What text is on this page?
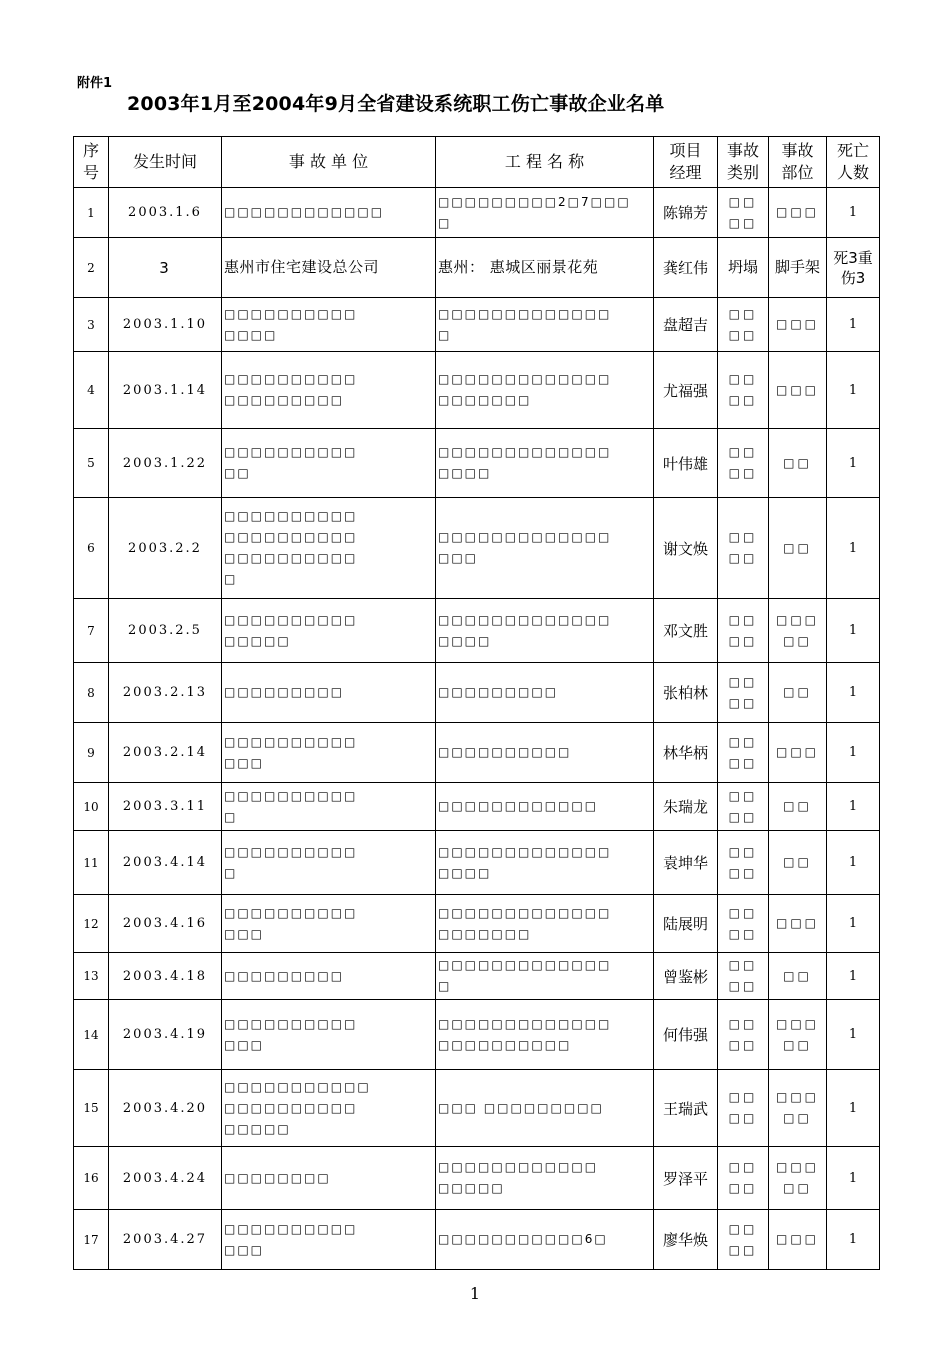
附件1
2003年1月至2004年9月全省建设系统职工伤亡事故企业名单
序
号	发生时间	事 故 单 位	工 程 名 称	项目
经理	事故
类别	事故
部位	死亡
人数
1	2003.1.6	□□□□□□□□□□□□	□□□□□□□□□2□7□□□
□	陈锦芳	□□
□□	□□□	1
2	3	惠州市住宅建设总公司	惠州： 惠城区丽景花苑	龚红伟	坍塌	脚手架	死3重伤3
3	2003.1.10	□□□□□□□□□□
□□□□	□□□□□□□□□□□□□
□	盘超吉	□□
□□	□□□	1
4	2003.1.14	□□□□□□□□□□
□□□□□□□□□	□□□□□□□□□□□□□
□□□□□□□	尤福强	□□
□□	□□□	1
5	2003.1.22	□□□□□□□□□□
□□	□□□□□□□□□□□□□
□□□□	叶伟雄	□□
□□	□□	1
6	2003.2.2	□□□□□□□□□□
□□□□□□□□□□
□□□□□□□□□□
□	□□□□□□□□□□□□□
□□□	谢文焕	□□
□□	□□	1
7	2003.2.5	□□□□□□□□□□
□□□□□	□□□□□□□□□□□□□
□□□□	邓文胜	□□
□□	□□□
□□	1
8	2003.2.13	□□□□□□□□□	□□□□□□□□□	张柏林	□□
□□	□□	1
9	2003.2.14	□□□□□□□□□□
□□□	□□□□□□□□□□	林华柄	□□
□□	□□□	1
10	2003.3.11	□□□□□□□□□□
□	□□□□□□□□□□□□	朱瑞龙	□□
□□	□□	1
11	2003.4.14	□□□□□□□□□□
□	□□□□□□□□□□□□□
□□□□	袁坤华	□□
□□	□□	1
12	2003.4.16	□□□□□□□□□□
□□□	□□□□□□□□□□□□□
□□□□□□□	陆展明	□□
□□	□□□	1
13	2003.4.18	□□□□□□□□□	□□□□□□□□□□□□□
□	曾鉴彬	□□
□□	□□	1
14	2003.4.19	□□□□□□□□□□
□□□	□□□□□□□□□□□□□
□□□□□□□□□□	何伟强	□□
□□	□□□
□□	1
15	2003.4.20	□□□□□□□□□□□
□□□□□□□□□□
□□□□□	□□□ □□□□□□□□□	王瑞武	□□
□□	□□□
□□	1
16	2003.4.24	□□□□□□□□	□□□□□□□□□□□□
□□□□□	罗泽平	□□
□□	□□□
□□	1
17	2003.4.27	□□□□□□□□□□
□□□	□□□□□□□□□□□6□	廖华焕	□□
□□	□□□	1
1
